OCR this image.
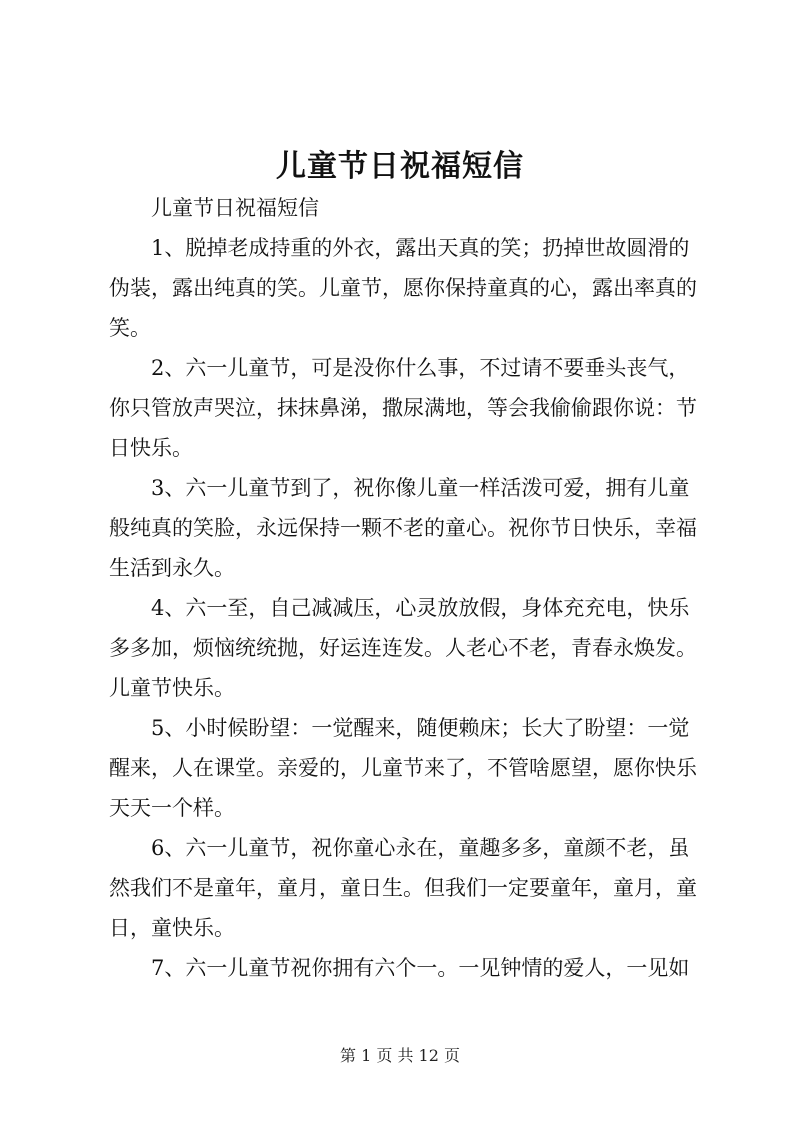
儿童节日祝福短信
儿童节日祝福短信
1、脱掉老成持重的外衣，露出天真的笑；扔掉世故圆滑的
伪装，露出纯真的笑。儿童节，愿你保持童真的心，露出率真的
笑。
2、六一儿童节，可是没你什么事，不过请不要垂头丧气，
你只管放声哭泣，抹抹鼻涕，撒尿满地，等会我偷偷跟你说：节
日快乐。
3、六一儿童节到了，祝你像儿童一样活泼可爱，拥有儿童
般纯真的笑脸，永远保持一颗不老的童心。祝你节日快乐，幸福
生活到永久。
4、六一至，自己减减压，心灵放放假，身体充充电，快乐
多多加，烦恼统统抛，好运连连发。人老心不老，青春永焕发。
儿童节快乐。
5、小时候盼望：一觉醒来，随便赖床；长大了盼望：一觉
醒来，人在课堂。亲爱的，儿童节来了，不管啥愿望，愿你快乐
天天一个样。
6、六一儿童节，祝你童心永在，童趣多多，童颜不老，虽
然我们不是童年，童月，童日生。但我们一定要童年，童月，童
日，童快乐。
7、六一儿童节祝你拥有六个一。一见钟情的爱人，一见如
第 1 页 共 12 页
